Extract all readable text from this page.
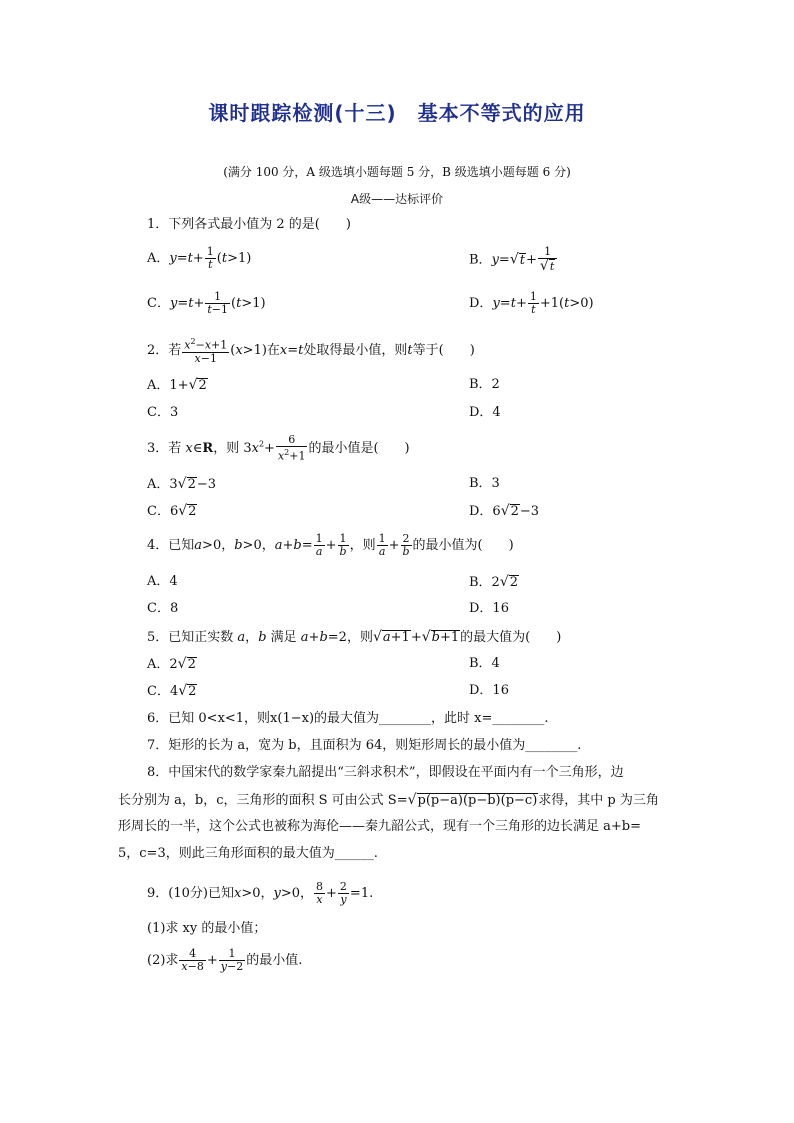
课时跟踪检测(十三)　基本不等式的应用
(满分 100 分，A 级选填小题每题 5 分，B 级选填小题每题 6 分)
A级——达标评价
1．下列各式最小值为 2 的是(　　)
A．$y=t+ \frac{1}{t} (t>1)$	B．$y=√t+ \frac{1}{√t}$
C．$y=t+ \frac{1}{t-1} (t>1)$	D．$y=t+ \frac{1}{t} +1(t>0)$
2．若 $\frac{x^2-x+1}{x-1} (x>1)$在x=t处取得最小值，则t等于(　　)
A．1+√2	B．2
C．3	D．4
3．若 x∈R，则 $3x^2+ \frac{6}{x^2+1}$ 的最小值是(　　)
A．3√2−3	B．3
C．6√2	D．6√2−3
4．已知a>0，b>0，$a+b= \frac{1}{a} + \frac{1}{b}$ ，则 $\frac{1}{a} + \frac{2}{b}$ 的最小值为(　　)
A．4	B．2√2
C．8	D．16
5．已知正实数 a，b 满足 a+b=2，则√a+1+√b+1的最大值为(　　)
A．2√2	B．4
C．4√2	D．16
6．已知 0<x<1，则x(1−x)的最大值为________，此时 x=________.
7．矩形的长为 a，宽为 b，且面积为 64，则矩形周长的最小值为________.
8．中国宋代的数学家秦九韶提出“三斜求积术”，即假设在平面内有一个三角形，边
长分别为 a，b，c，三角形的面积 S 可由公式 S=√p(p−a)(p−b)(p−c)求得，其中 p 为三角
形周长的一半，这个公式也被称为海伦——秦九韶公式，现有一个三角形的边长满足 a+b=
5，c=3，则此三角形面积的最大值为______.
9．(10分)已知x>0，y>0， $\frac{8}{x} + \frac{2}{y} =1$.
(1)求 xy 的最小值；
(2)求 $\frac{4}{x-8} + \frac{1}{y-2}$ 的最小值.
